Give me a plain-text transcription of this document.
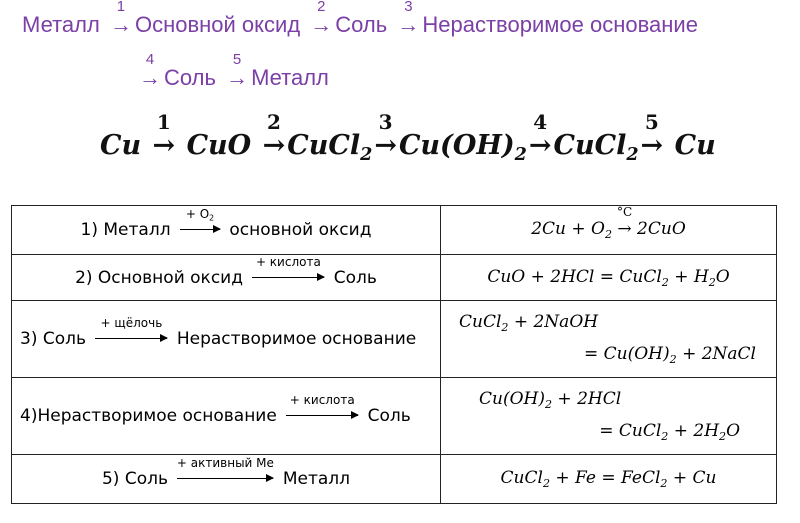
Металл
1
→ Основной оксид
2
→ Соль
3
→ Нерастворимое основание
4
→ Соль
5
→ Металл
Cu
1
→ CuO
2
→CuCl$_2$
3
$\to Cu(OH)_2$
4
→CuCl$_2$
5
→ Cu
1) Металл
+ $O_2$
основной оксид	$2Cu + O_2$
°C
→ 2CuO
2) Основной оксид
+ кислота
Соль	CuO + 2HCl = CuCl$_2$ + $H_2O$
3) Соль
+ щёлочь
Нерастворимое основание	CuCl$_2$ + 2NaOH
= $Cu(OH)_2$ + 2NaCl

4)Нерастворимое основание
+ кислота
Соль	$Cu(OH)_2 + 2HCl$
= CuCl$_2$ + $2H_2O$

5) Соль
+ активный Ме
Металл	CuCl$_2$ + Fe = FeCl$_2$ + Cu
